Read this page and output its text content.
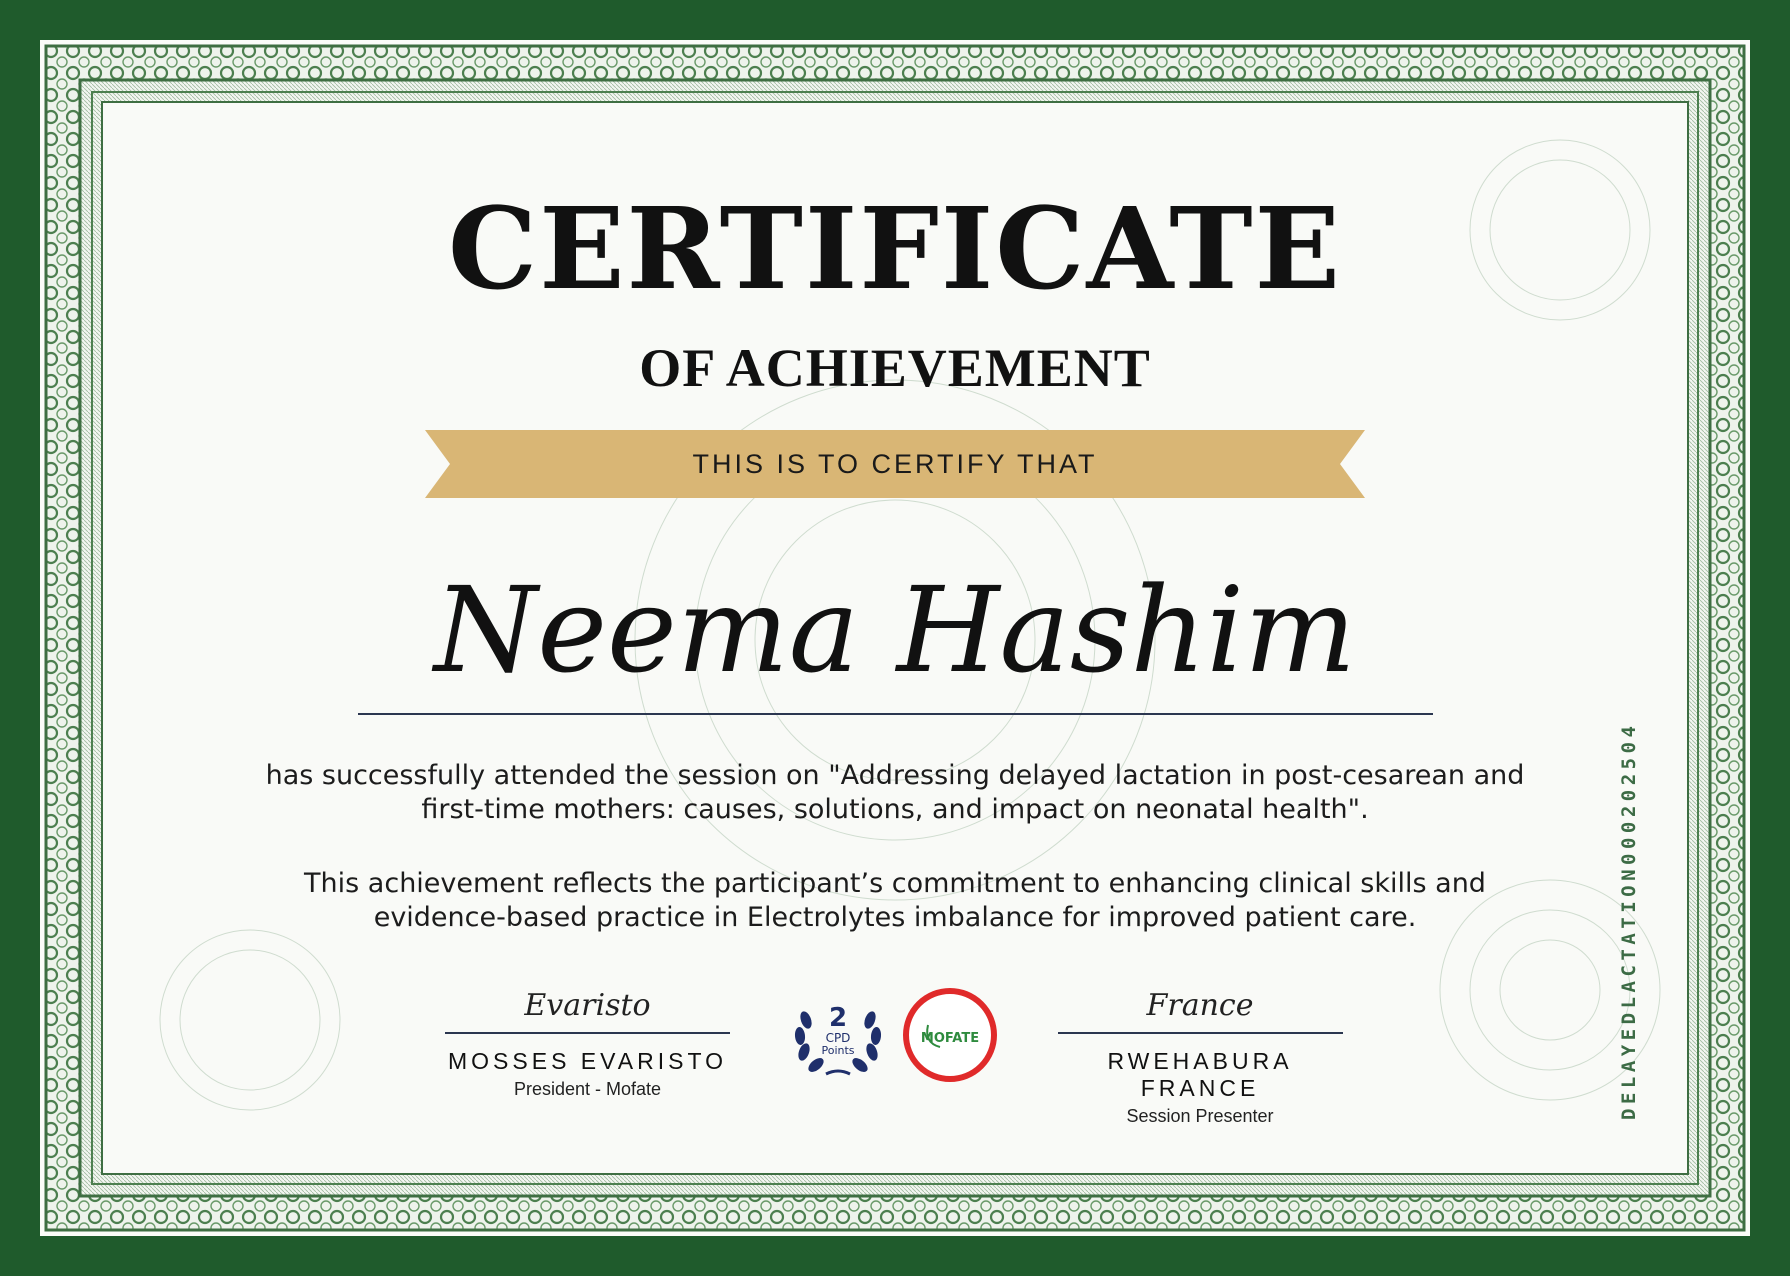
CERTIFICATE
OF ACHIEVEMENT
THIS IS TO CERTIFY THAT
Neema Hashim
has successfully attended the session on "Addressing delayed lactation in post-cesarean and
first-time mothers: causes, solutions, and impact on neonatal health".
This achievement reflects the participant’s commitment to enhancing clinical skills and
evidence-based practice in Electrolytes imbalance for improved patient care.
Evaristo
MOSSES EVARISTO
President - Mofate
France
RWEHABURA FRANCE
Session Presenter
2
CPD
Points
MOFATE	DELAYEDLACTATION000202504
